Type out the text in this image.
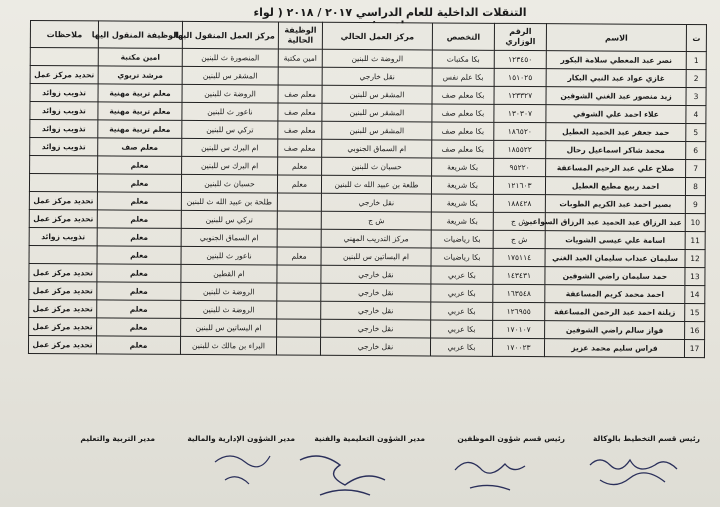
التنقلات الداخلية للعام الدراسي ٢٠١٧ / ٢٠١٨ ( لواء
ت	الاسم	الرقم الوزاري	التخصص	مركز العمل الحالي	الوظيفة الحالية	مركز العمل المنقول اليها	الوظيفة المنقول اليها	ملاحظات
1	نصر عبد المعطي سلامة البكور	١٢٣٤٥٠	بكا مكتبات	الروضة ث للبنين	امين مكتبة	المنصورة ث للبنين	امين مكتبة	
2	غازي عواد عبد النبي البكار	١٥١٠٢٥	بكا علم نفس	نقل خارجي		المشقر س للبنين	مرشد تربوي	تحديد مركز عمل
3	زيد منصور عبد الغني الشوفين	١٢٣٣٢٧	بكا معلم صف	المشقر س للبنين	معلم صف	الروضة ث للبنين	معلم تربية مهنية	تذويب زوائد
4	علاء احمد علي الشوفي	١٣٠٣٠٧	بكا معلم صف	المشقر س للبنين	معلم صف	ناعور ث للبنين	معلم تربية مهنية	تذويب زوائد
5	حمد جعفر عبد الحميد العطيل	١٨٦٥٢٠	بكا معلم صف	المشقر س للبنين	معلم صف	تركي س للبنين	معلم تربية مهنية	تذويب زوائد
6	محمد شاكر اسماعيل رحال	١٨٥٥٢٢	بكا معلم صف	ام السماق الجنوبي	معلم صف	ام البرك س للبنين	معلم صف	تذويب زوائد
7	صلاح علي عبد الرحيم المساعفة	٩٥٢٢٠	بكا شريعة	حسبان ث للبنين	معلم	ام البرك س للبنين	معلم	
8	احمد ربيع مطيع العطيل	١٢١٦٠٣	بكا شريعة	طلعة بن عبيد الله ث للبنين	معلم	حسبان ث للبنين	معلم	
9	بصير احمد عبد الكريم الطوبات	١٨٨٤٢٨	بكا شريعة	نقل خارجي		طلحة بن عبيد الله ث للبنين	معلم	تحديد مركز عمل
10	عبد الرزاق عبد الحميد عبد الرزاق السواعير	ش ج	بكا شريعة	ش ج		تركي س للبنين	معلم	تحديد مركز عمل
11	اسامة علي عيسى الشويات	ش ج	بكا رياضيات	مركز التدريب المهني		ام السماق الجنوبي	معلم	تذويب زوائد
12	سليمان عبداب سليمان العبد الغني	١٧٥١١٤	بكا رياضيات	ام البساتين س للبنين	معلم	ناعور ث للبنين	معلم	
13	حمد سليمان راضي الشوفين	١٤٣٤٣١	بكا عربي	نقل خارجي		ام القطين	معلم	تحديد مركز عمل
14	احمد محمد كريم المساعفة	١٦٣٥٤٨	بكا عربي	نقل خارجي		الروضة ث للبنين	معلم	تحديد مركز عمل
15	زيلنة احمد عبد الرحمن المساعفة	١٢٦٩٥٥	بكا عربي	نقل خارجي		الروضة ث للبنين	معلم	تحديد مركز عمل
16	فواز سالم راضي الشوفين	١٧٠١٠٧	بكا عربي	نقل خارجي		ام البساتين س للبنين	معلم	تحديد مركز عمل
17	فراس سليم محمد عزيز	١٧٠٠٢٣	بكا عربي	نقل خارجي		البراء بن مالك ث للبنين	معلم	تحديد مركز عمل
رئيس قسم التخطيط بالوكالة
رئيس قسم شؤون الموظفين
مدير الشؤون التعليمية والفنية
مدير الشؤون الإدارية والمالية
مدير التربية والتعليم
